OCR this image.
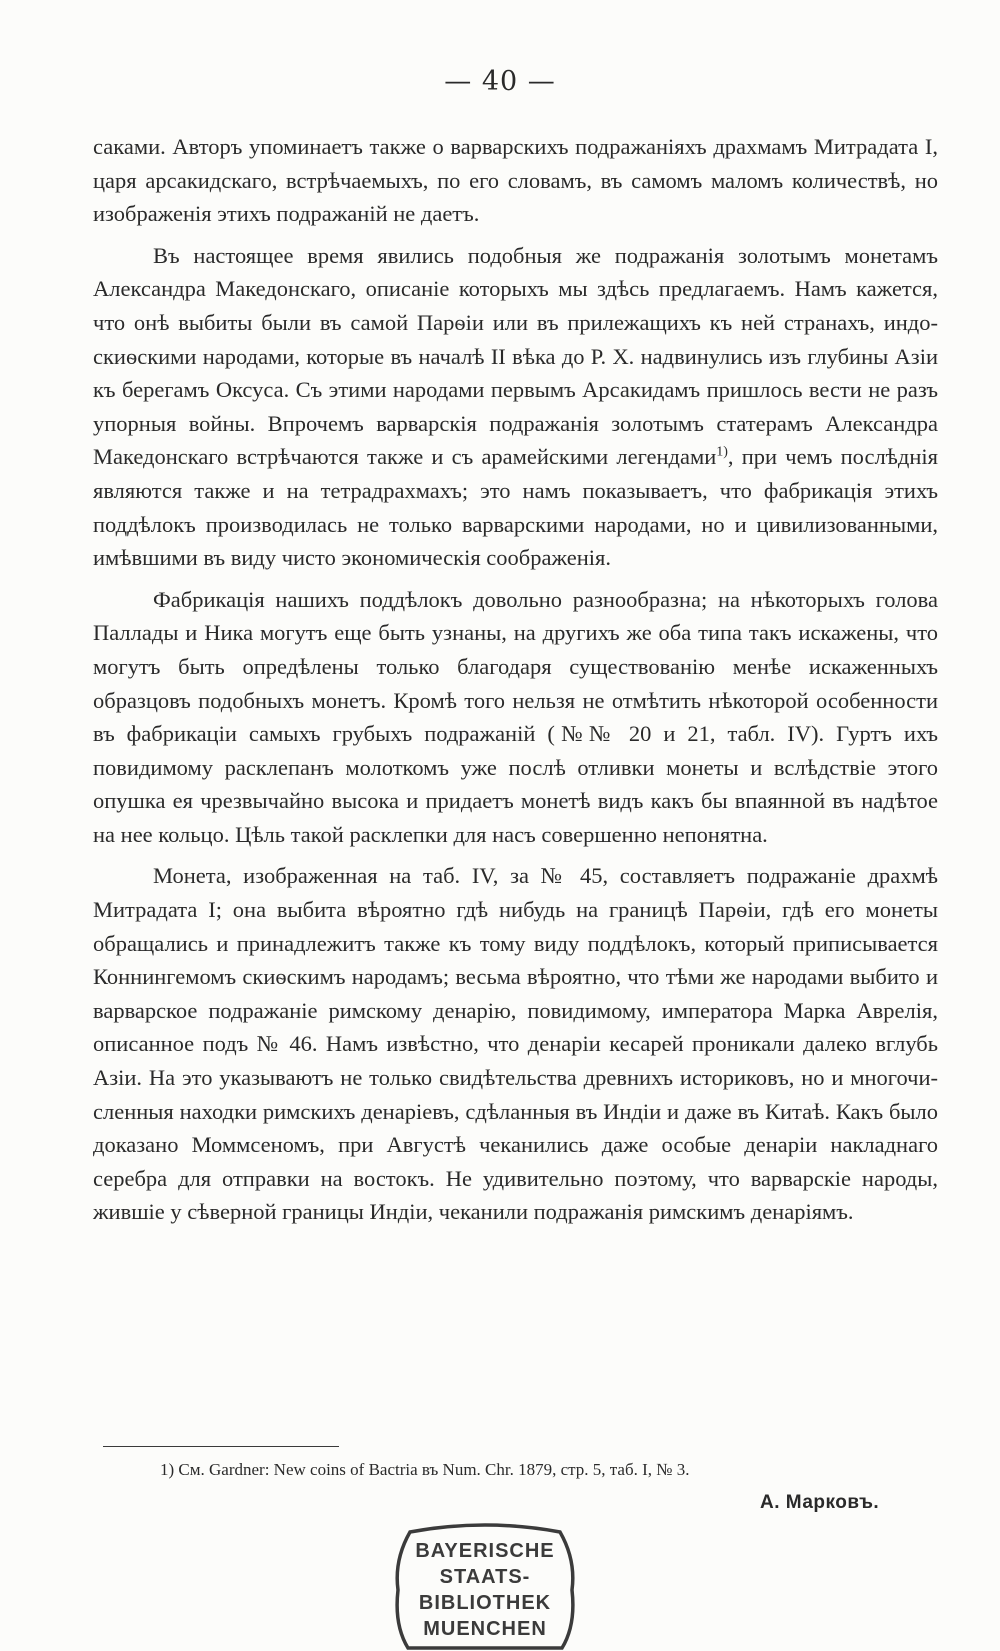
— 40 —

саками. Авторъ упоминаетъ также о варварскихъ подражаніяхъ драхмамъ Митрадата I, царя арсакидскаго, встрѣчаемыхъ, по его словамъ, въ самомъ маломъ количествѣ, но изображенія этихъ подражаній не даетъ.

Въ настоящее время явились подобныя же подражанія золотымъ монетамъ Александра Македонскаго, описаніе которыхъ мы здѣсь предлагаемъ. Намъ кажется, что онѣ выбиты были въ самой Парѳіи или въ прилежащихъ къ ней странахъ, индо-скиѳскими народами, которые въ началѣ II вѣка до Р. Х. надвинулись изъ глубины Азіи къ берегамъ Оксуса. Съ этими народами первымъ Арсакидамъ пришлось вести не разъ упорныя войны. Впрочемъ варварскія подражанія золотымъ статерамъ Александра Македонскаго встрѣчаются также и съ арамейскими легендами$^{1)}$, при чемъ послѣднія являются также и на тетрадрахмахъ; это намъ показываетъ, что фабрикація этихъ поддѣлокъ производилась не только варварскими народами, но и цивилизованными, имѣвшими въ виду чисто экономическія соображенія.

Фабрикація нашихъ поддѣлокъ довольно разнообразна; на нѣкоторыхъ голова Паллады и Ника могутъ еще быть узнаны, на другихъ же оба типа такъ искажены, что могутъ быть опредѣлены только благодаря существованію менѣе искаженныхъ образцовъ подобныхъ монетъ. Кромѣ того нельзя не отмѣтить нѣкоторой особенности въ фабрикаціи самыхъ грубыхъ подражаній (№№ 20 и 21, табл. IV). Гуртъ ихъ повидимому расклепанъ молоткомъ уже послѣ отливки монеты и вслѣдствіе этого опушка ея чрезвычайно высока и придаетъ монетѣ видъ какъ бы впаянной въ надѣтое на нее кольцо. Цѣль такой расклепки для насъ совершенно непонятна.

Монета, изображенная на таб. IV, за № 45, составляетъ подражаніе драхмѣ Митрадата I; она выбита вѣроятно гдѣ нибудь на границѣ Парѳіи, гдѣ его монеты обращались и принадлежитъ также къ тому виду поддѣлокъ, который приписывается Коннингемомъ скиѳскимъ народамъ; весьма вѣроятно, что тѣми же народами выбито и варварское подражаніе римскому денарію, повидимому, императора Марка Аврелія, описанное подъ № 46. Намъ извѣстно, что денаріи кесарей проникали далеко вглубь Азіи. На это указываютъ не только свидѣтельства древнихъ историковъ, но и многочисленныя находки римскихъ денаріевъ, сдѣланныя въ Индіи и даже въ Китаѣ. Какъ было доказано Моммсеномъ, при Августѣ чеканились даже особые денаріи накладнаго серебра для отправки на востокъ. Не удивительно поэтому, что варварскіе народы, жившіе у сѣверной границы Индіи, чеканили подражанія римскимъ денаріямъ.

1) См. Gardner: New coins of Bactria въ Num. Chr. 1879, стр. 5, таб. I, № 3.
А. Марковъ.
BAYERISCHE
STAATS-
BIBLIOTHEK
MUENCHEN
